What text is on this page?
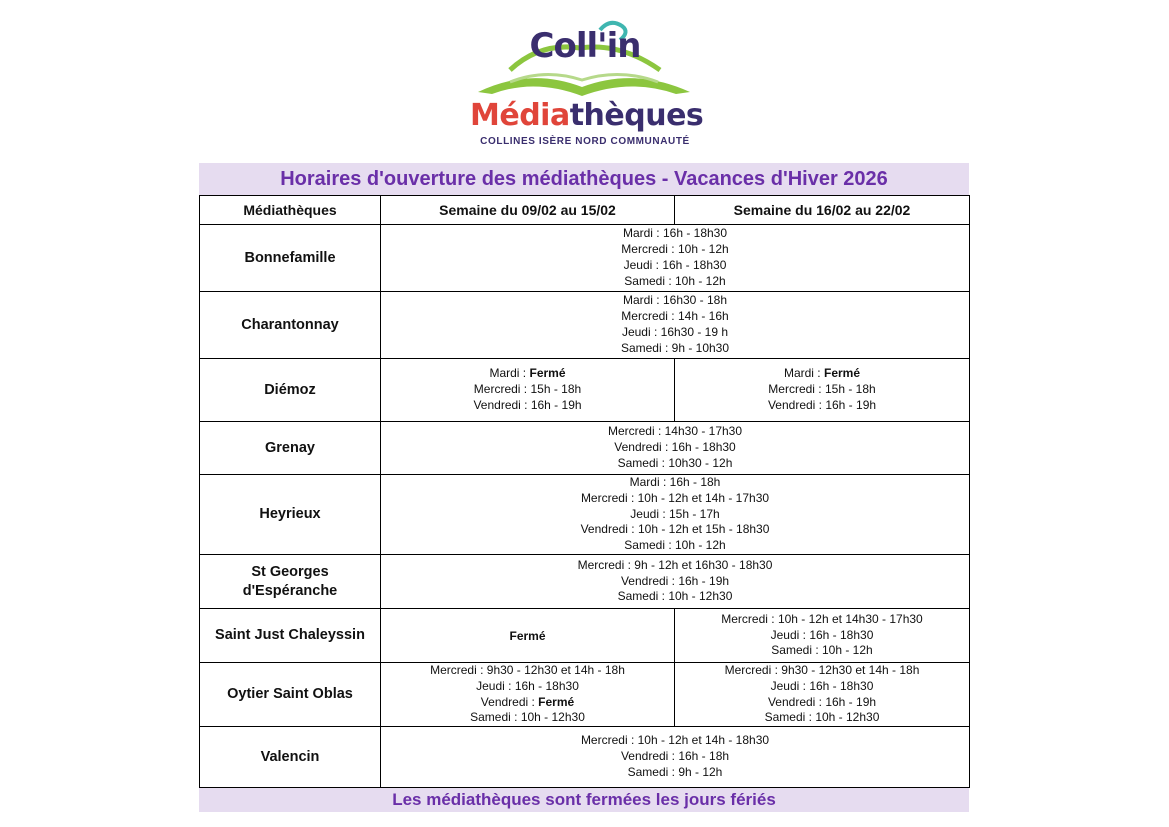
Coll'in
Médiathèques
COLLINES ISÈRE NORD COMMUNAUTÉ
Horaires d'ouverture des médiathèques - Vacances d'Hiver 2026
Médiathèques	Semaine du 09/02 au 15/02	Semaine du 16/02 au 22/02
Bonnefamille	Mardi : 16h - 18h30
Mercredi : 10h - 12h
Jeudi : 16h - 18h30
Samedi : 10h - 12h	

Charantonnay	Mardi : 16h30 - 18h
Mercredi : 14h - 16h
Jeudi : 16h30 - 19 h
Samedi : 9h - 10h30	

Diémoz	Mardi : Fermé
Mercredi : 15h - 18h
Vendredi : 16h - 19h	Mardi : Fermé
Mercredi : 15h - 18h
Vendredi : 16h - 19h

Grenay	Mercredi : 14h30 - 17h30
Vendredi : 16h - 18h30
Samedi : 10h30 - 12h	

Heyrieux	Mardi : 16h - 18h
Mercredi : 10h - 12h et 14h - 17h30
Jeudi : 15h - 17h
Vendredi : 10h - 12h et 15h - 18h30
Samedi : 10h - 12h	

St Georges
d'Espéranche	Mercredi : 9h - 12h et 16h30 - 18h30
Vendredi : 16h - 19h
Samedi : 10h - 12h30	

Saint Just Chaleyssin	Fermé	Mercredi : 10h - 12h et 14h30 - 17h30
Jeudi : 16h - 18h30
Samedi : 10h - 12h

Oytier Saint Oblas	Mercredi : 9h30 - 12h30 et 14h - 18h
Jeudi : 16h - 18h30
Vendredi : Fermé
Samedi : 10h - 12h30	Mercredi : 9h30 - 12h30 et 14h - 18h
Jeudi : 16h - 18h30
Vendredi : 16h - 19h
Samedi : 10h - 12h30

Valencin	Mercredi : 10h - 12h et 14h - 18h30
Vendredi : 16h - 18h
Samedi : 9h - 12h	
Les médiathèques sont fermées les jours fériés
